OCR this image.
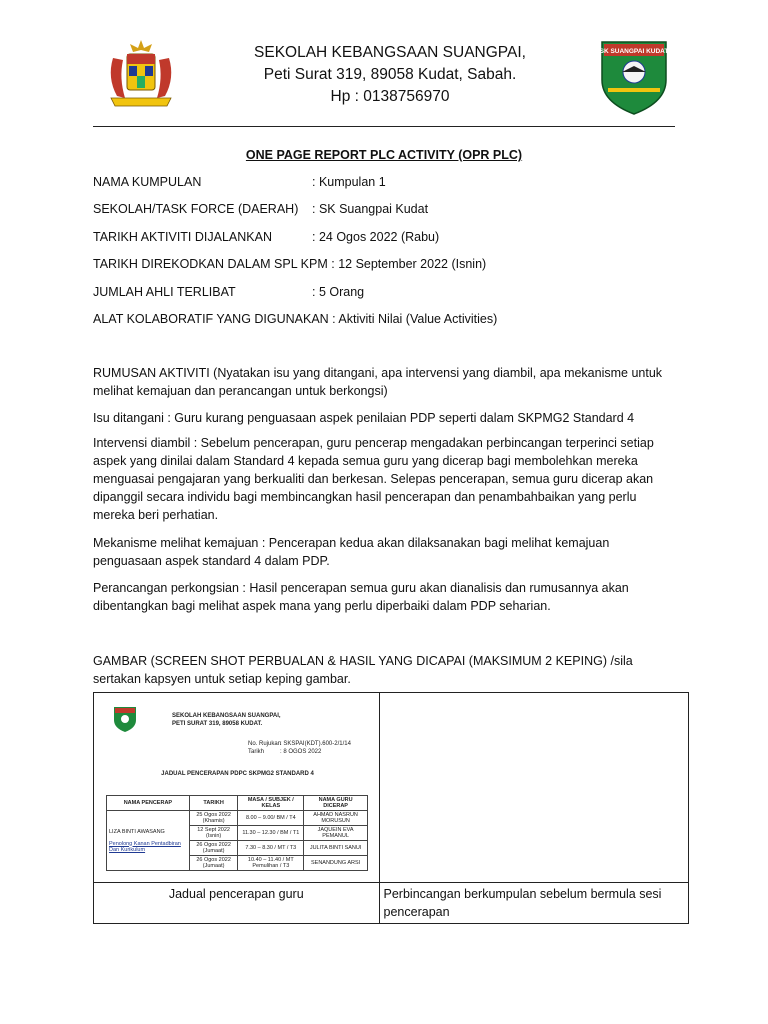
SEKOLAH KEBANGSAAN SUANGPAI,
Peti Surat 319, 89058 Kudat, Sabah.
Hp : 0138756970
SK SUANGPAI KUDAT
ONE PAGE REPORT PLC ACTIVITY (OPR PLC)
NAMA KUMPULAN	: Kumpulan 1
SEKOLAH/TASK FORCE (DAERAH) : SK Suangpai Kudat
TARIKH AKTIVITI DIJALANKAN	: 24 Ogos 2022 (Rabu)
TARIKH DIREKODKAN DALAM SPL KPM : 12 September 2022 (Isnin)
JUMLAH AHLI TERLIBAT	: 5 Orang
ALAT KOLABORATIF YANG DIGUNAKAN : Aktiviti Nilai (Value Activities)
RUMUSAN AKTIVITI (Nyatakan isu yang ditangani, apa intervensi yang diambil, apa mekanisme untuk melihat kemajuan dan perancangan untuk berkongsi)
Isu ditangani : Guru kurang penguasaan aspek penilaian PDP seperti dalam SKPMG2 Standard 4
Intervensi diambil : Sebelum pencerapan, guru pencerap mengadakan perbincangan terperinci setiap aspek yang dinilai dalam Standard 4 kepada semua guru yang dicerap bagi membolehkan mereka menguasai pengajaran yang berkualiti dan berkesan. Selepas pencerapan, semua guru dicerap akan dipanggil secara individu bagi membincangkan hasil pencerapan dan penambahbaikan yang perlu mereka beri perhatian.
Mekanisme melihat kemajuan : Pencerapan kedua akan dilaksanakan bagi melihat kemajuan penguasaan aspek standard 4 dalam PDP.
Perancangan perkongsian : Hasil pencerapan semua guru akan dianalisis dan rumusannya akan dibentangkan bagi melihat aspek mana yang perlu diperbaiki dalam PDP seharian.
GAMBAR (SCREEN SHOT PERBUALAN & HASIL YANG DICAPAI (MAKSIMUM 2 KEPING) /sila sertakan kapsyen untuk setiap keping gambar.
SEKOLAH KEBANGSAAN SUANGPAI,
PETI SURAT 319, 89058 KUDAT.
No. Rujukan
: SKSPAI(KDT).600-2/1/14
Tarikh	: 8 OGOS 2022
JADUAL PENCERAPAN PDPC SKPMG2 STANDARD 4
NAMA PENCERAP	TARIKH	MASA / SUBJEK / KELAS	NAMA GURU DICERAP

LIZA BINTI AWASANG
Penolong Kanan Pentadbiran Dan Kurikulum
	25 Ogos 2022 (Khamis)	8.00 – 9.00/ BM / T4	AHMAD NASRUN MORUSUN
12 Sept 2022 (Isnin)	11.30 – 12.30 / BM / T1	JAQUEIN EVA PEMANUL
26 Ogos 2022 (Jumaat)	7.30 – 8.30 / MT / T3	JULITA BINTI SANUI
26 Ogos 2022 (Jumaat)	10.40 – 11.40 / MT Pemulihan / T3	SENANDUNG ARSI

Jadual pencerapan guru	Perbincangan berkumpulan sebelum bermula sesi pencerapan
